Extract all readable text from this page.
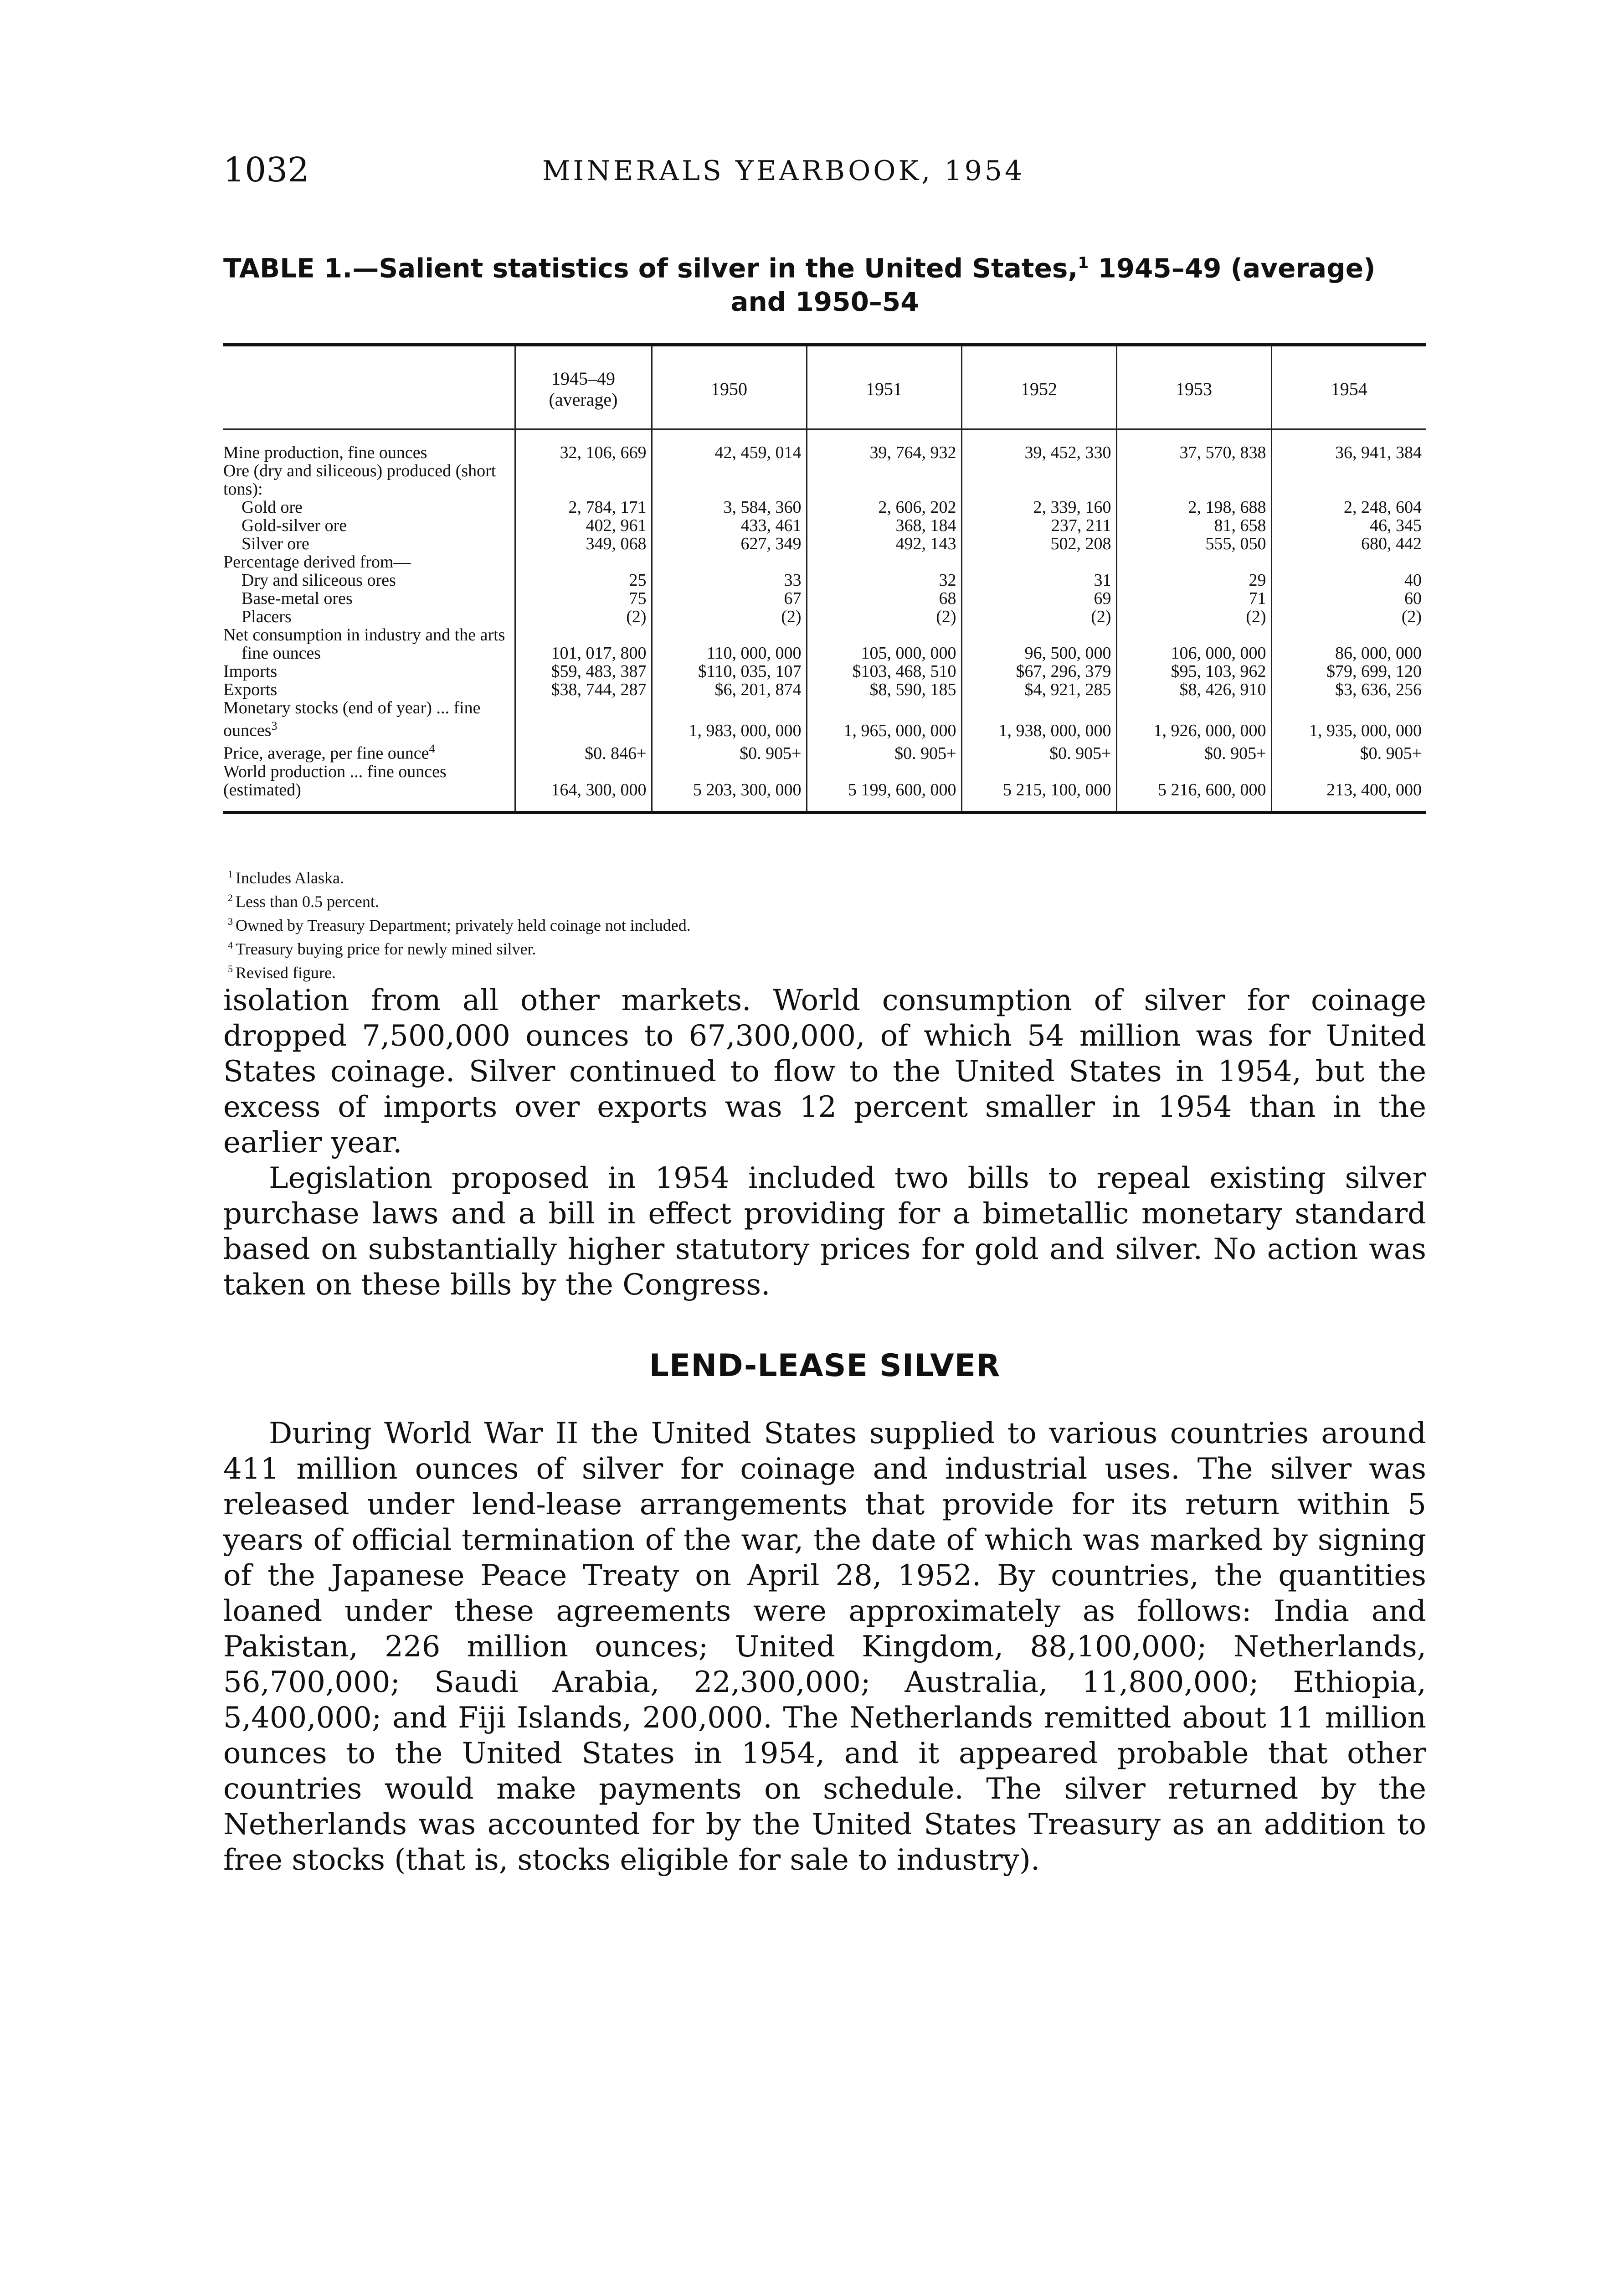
1032	MINERALS YEARBOOK, 1954
TABLE 1.—Salient statistics of silver in the United States,$^1$ 1945–49 (average)
and 1950–54
	1945–49 (average)	1950	1951	1952	1953	1954
Mine production, fine ounces	32, 106, 669	42, 459, 014	39, 764, 932	39, 452, 330	37, 570, 838	36, 941, 384
Ore (dry and siliceous) produced (short tons):						
Gold ore	2, 784, 171	3, 584, 360	2, 606, 202	2, 339, 160	2, 198, 688	2, 248, 604
Gold-silver ore	402, 961	433, 461	368, 184	237, 211	81, 658	46, 345
Silver ore	349, 068	627, 349	492, 143	502, 208	555, 050	680, 442
Percentage derived from—						
Dry and siliceous ores	25	33	32	31	29	40
Base-metal ores	75	67	68	69	71	60
Placers	(2)	(2)	(2)	(2)	(2)	(2)
Net consumption in industry and the arts						
fine ounces	101, 017, 800	110, 000, 000	105, 000, 000	96, 500, 000	106, 000, 000	86, 000, 000
Imports	$59, 483, 387	$110, 035, 107	$103, 468, 510	$67, 296, 379	$95, 103, 962	$79, 699, 120
Exports	$38, 744, 287	$6, 201, 874	$8, 590, 185	$4, 921, 285	$8, 426, 910	$3, 636, 256
Monetary stocks (end of year) ... fine ounces$^3$		1, 983, 000, 000	1, 965, 000, 000	1, 938, 000, 000	1, 926, 000, 000	1, 935, 000, 000
Price, average, per fine ounce$^4$	$0. 846+	$0. 905+	$0. 905+	$0. 905+	$0. 905+	$0. 905+
World production ... fine ounces (estimated)	164, 300, 000	5 203, 300, 000	5 199, 600, 000	5 215, 100, 000	5 216, 600, 000	213, 400, 000
$^1$ Includes Alaska.
$^2$ Less than 0.5 percent.
$^3$ Owned by Treasury Department; privately held coinage not included.
$^4$ Treasury buying price for newly mined silver.
$^5$ Revised figure.

isolation from all other markets. World consumption of silver for coinage dropped 7,500,000 ounces to 67,300,000, of which 54 million was for United States coinage. Silver continued to flow to the United States in 1954, but the excess of imports over exports was 12 percent smaller in 1954 than in the earlier year.

Legislation proposed in 1954 included two bills to repeal existing silver purchase laws and a bill in effect providing for a bimetallic monetary standard based on substantially higher statutory prices for gold and silver. No action was taken on these bills by the Congress.

LEND-LEASE SILVER

During World War II the United States supplied to various countries around 411 million ounces of silver for coinage and industrial uses. The silver was released under lend-lease arrangements that provide for its return within 5 years of official termination of the war, the date of which was marked by signing of the Japanese Peace Treaty on April 28, 1952. By countries, the quantities loaned under these agreements were approximately as follows: India and Pakistan, 226 million ounces; United Kingdom, 88,100,000; Netherlands, 56,700,000; Saudi Arabia, 22,300,000; Australia, 11,800,000; Ethiopia, 5,400,000; and Fiji Islands, 200,000. The Netherlands remitted about 11 million ounces to the United States in 1954, and it appeared probable that other countries would make payments on schedule. The silver returned by the Netherlands was accounted for by the United States Treasury as an addition to free stocks (that is, stocks eligible for sale to industry).
